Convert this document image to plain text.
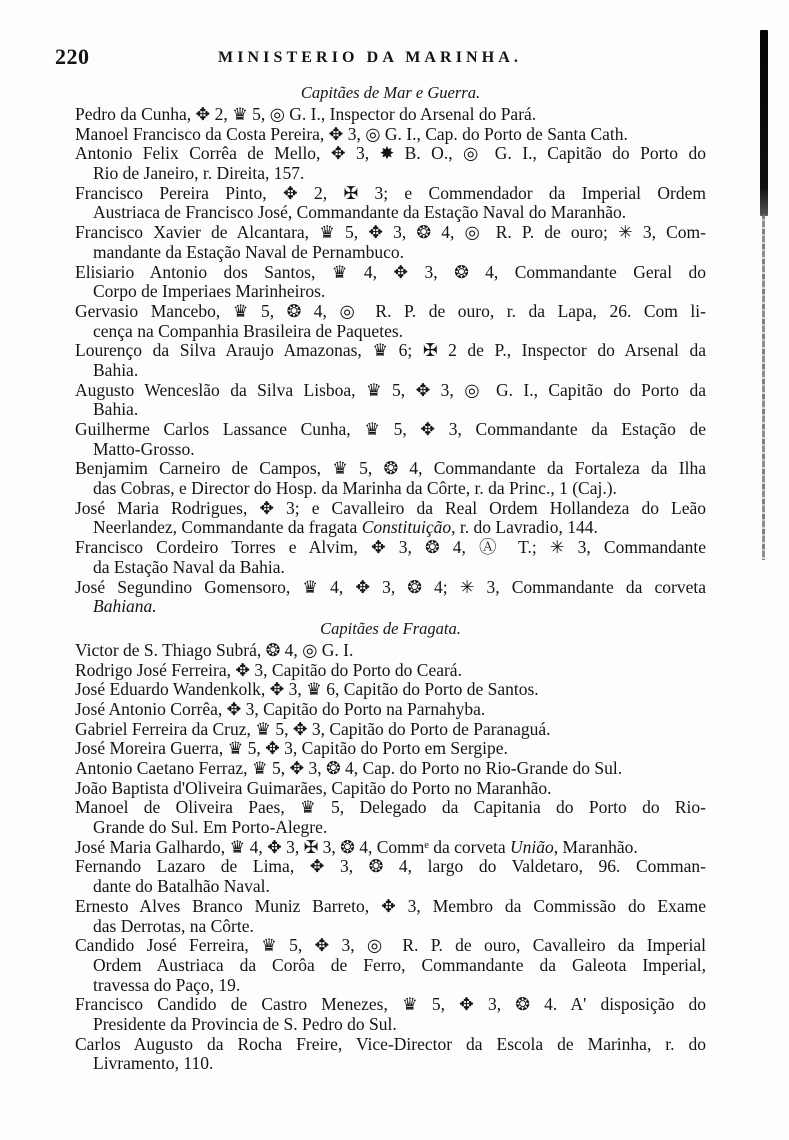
220	MINISTERIO DA MARINHA.
Capitães de Mar e Guerra.
Pedro da Cunha, ✥ 2, ♛ 5, ◎ G. I., Inspector do Arsenal do Pará.
Manoel Francisco da Costa Pereira, ✥ 3, ◎ G. I., Cap. do Porto de Santa Cath.
Antonio Felix Corrêa de Mello, ✥ 3, ✸ B. O., ◎ G. I., Capitão do Porto do
Rio de Janeiro, r. Direita, 157.
Francisco Pereira Pinto, ✥ 2, ✠ 3; e Commendador da Imperial Ordem
Austriaca de Francisco José, Commandante da Estação Naval do Maranhão.
Francisco Xavier de Alcantara, ♛ 5, ✥ 3, ❂ 4, ◎ R. P. de ouro; ✳ 3, Com-
mandante da Estação Naval de Pernambuco.
Elisiario Antonio dos Santos, ♛ 4, ✥ 3, ❂ 4, Commandante Geral do
Corpo de Imperiaes Marinheiros.
Gervasio Mancebo, ♛ 5, ❂ 4, ◎ R. P. de ouro, r. da Lapa, 26. Com li-
cença na Companhia Brasileira de Paquetes.
Lourenço da Silva Araujo Amazonas, ♛ 6; ✠ 2 de P., Inspector do Arsenal da
Bahia.
Augusto Wenceslão da Silva Lisboa, ♛ 5, ✥ 3, ◎ G. I., Capitão do Porto da
Bahia.
Guilherme Carlos Lassance Cunha, ♛ 5, ✥ 3, Commandante da Estação de
Matto-Grosso.
Benjamim Carneiro de Campos, ♛ 5, ❂ 4, Commandante da Fortaleza da Ilha
das Cobras, e Director do Hosp. da Marinha da Côrte, r. da Princ., 1 (Caj.).
José Maria Rodrigues, ✥ 3; e Cavalleiro da Real Ordem Hollandeza do Leão
Neerlandez, Commandante da fragata Constituição, r. do Lavradio, 144.
Francisco Cordeiro Torres e Alvim, ✥ 3, ❂ 4, Ⓐ T.; ✳ 3, Commandante
da Estação Naval da Bahia.
José Segundino Gomensoro, ♛ 4, ✥ 3, ❂ 4; ✳ 3, Commandante da corveta
Bahiana.
Capitães de Fragata.
Victor de S. Thiago Subrá, ❂ 4, ◎ G. I.
Rodrigo José Ferreira, ✥ 3, Capitão do Porto do Ceará.
José Eduardo Wandenkolk, ✥ 3, ♛ 6, Capitão do Porto de Santos.
José Antonio Corrêa, ✥ 3, Capitão do Porto na Parnahyba.
Gabriel Ferreira da Cruz, ♛ 5, ✥ 3, Capitão do Porto de Paranaguá.
José Moreira Guerra, ♛ 5, ✥ 3, Capitão do Porto em Sergipe.
Antonio Caetano Ferraz, ♛ 5, ✥ 3, ❂ 4, Cap. do Porto no Rio-Grande do Sul.
João Baptista d'Oliveira Guimarães, Capitão do Porto no Maranhão.
Manoel de Oliveira Paes, ♛ 5, Delegado da Capitania do Porto do Rio-
Grande do Sul. Em Porto-Alegre.
José Maria Galhardo, ♛ 4, ✥ 3, ✠ 3, ❂ 4, Commᵉ da corveta União, Maranhão.
Fernando Lazaro de Lima, ✥ 3, ❂ 4, largo do Valdetaro, 96. Comman-
dante do Batalhão Naval.
Ernesto Alves Branco Muniz Barreto, ✥ 3, Membro da Commissão do Exame
das Derrotas, na Côrte.
Candido José Ferreira, ♛ 5, ✥ 3, ◎ R. P. de ouro, Cavalleiro da Imperial
Ordem Austriaca da Corôa de Ferro, Commandante da Galeota Imperial,
travessa do Paço, 19.
Francisco Candido de Castro Menezes, ♛ 5, ✥ 3, ❂ 4. A' disposição do
Presidente da Provincia de S. Pedro do Sul.
Carlos Augusto da Rocha Freire, Vice-Director da Escola de Marinha, r. do
Livramento, 110.
